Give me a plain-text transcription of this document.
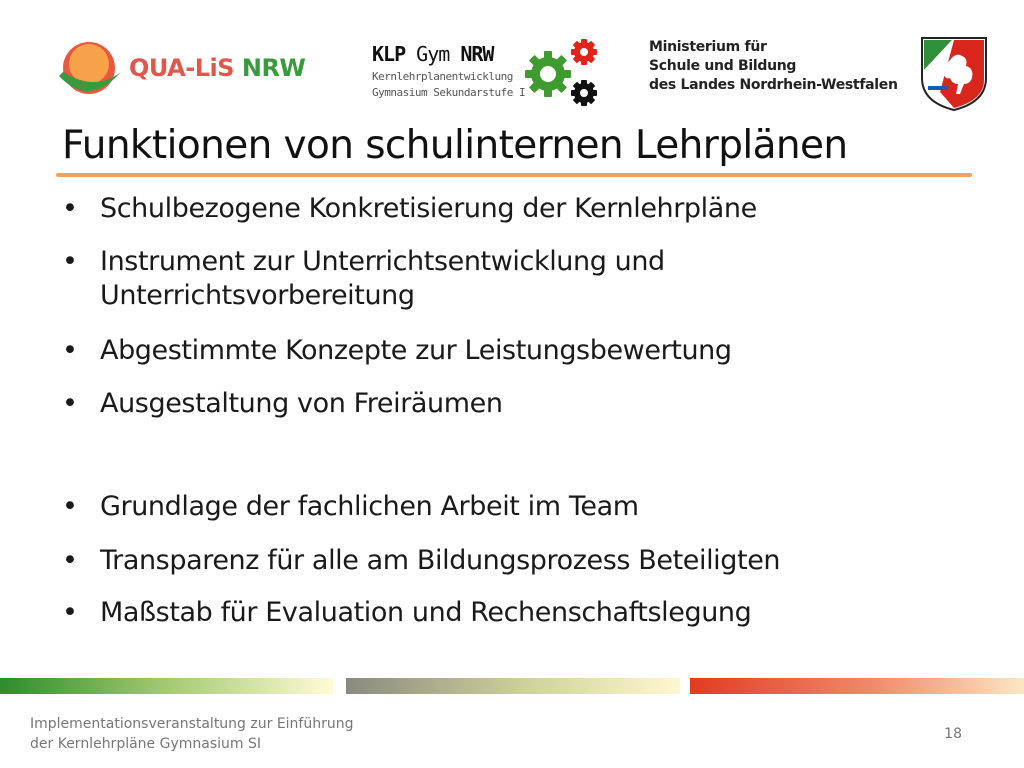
QUA-LiS NRW	KLP Gym NRW
Kernlehrplanentwicklung
Gymnasium Sekundarstufe I
Ministerium für
Schule und Bildung
des Landes Nordrhein-Westfalen
Funktionen von schulinternen Lehrplänen
• Schulbezogene Konkretisierung der Kernlehrpläne
• Instrument zur Unterrichtsentwicklung und Unterrichtsvorbereitung
• Abgestimmte Konzepte zur Leistungsbewertung
• Ausgestaltung von Freiräumen
• Grundlage der fachlichen Arbeit im Team
• Transparenz für alle am Bildungsprozess Beteiligten
• Maßstab für Evaluation und Rechenschaftslegung
Implementationsveranstaltung zur Einführung
der Kernlehrpläne Gymnasium SI
18
